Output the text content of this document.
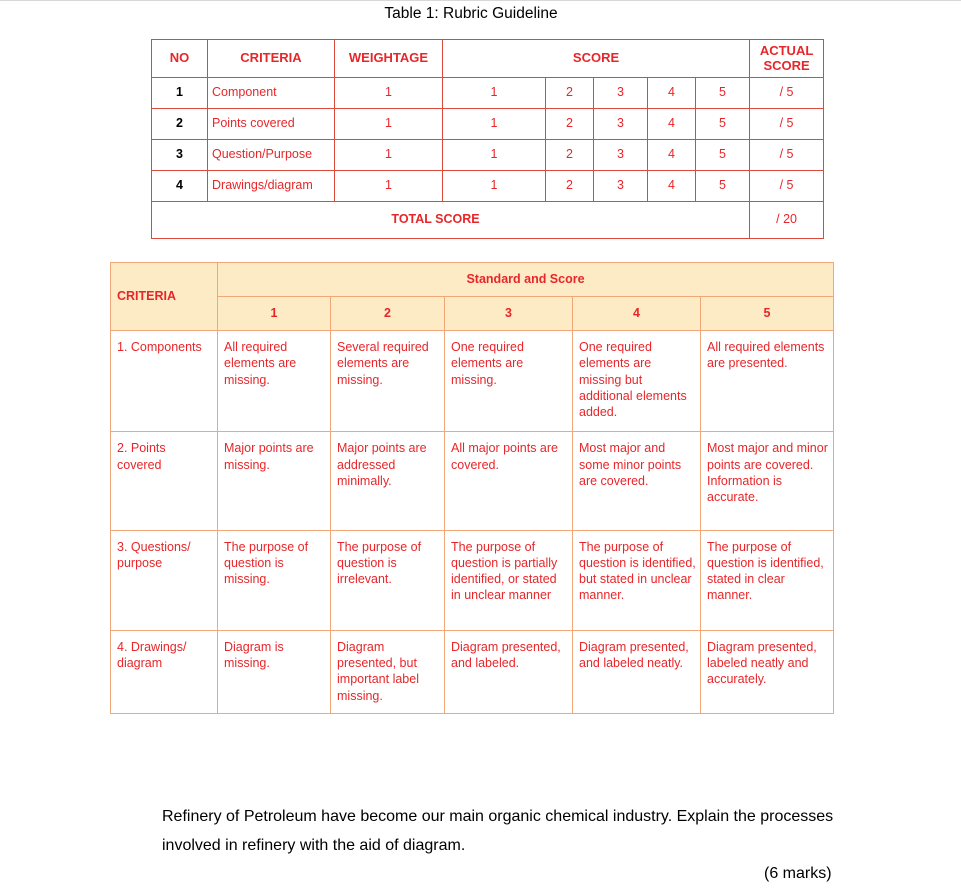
Table 1: Rubric Guideline
NO	CRITERIA	WEIGHTAGE	SCORE					ACTUAL
SCORE

1	Component	1	1	2	3	4	5	/ 5
2	Points covered	1	1	2	3	4	5	/ 5
3	Question/Purpose	1	1	2	3	4	5	/ 5
4	Drawings/diagram	1	1	2	3	4	5	/ 5
TOTAL SCORE								/ 20
CRITERIA	Standard and Score				
	1	2	3	4	5
1. Components	All required elements are missing.	Several required elements are missing.	One required elements are missing.	One required elements are missing but additional elements added.	All required elements are presented.
2. Points covered	Major points are missing.	Major points are addressed minimally.	All major points are covered.	Most major and some minor points are covered.	Most major and minor points are covered. Information is accurate.
3. Questions/ purpose	The purpose of question is missing.	The purpose of question is irrelevant.	The purpose of question is partially identified, or stated in unclear manner	The purpose of question is identified, but stated in unclear manner.	The purpose of question is identified, stated in clear manner.
4. Drawings/ diagram	Diagram is missing.	Diagram presented, but important label missing.	Diagram presented, and labeled.	Diagram presented, and labeled neatly.	Diagram presented, labeled neatly and accurately.
Refinery of Petroleum have become our main organic chemical industry. Explain the processes involved in refinery with the aid of diagram.
(6 marks)
